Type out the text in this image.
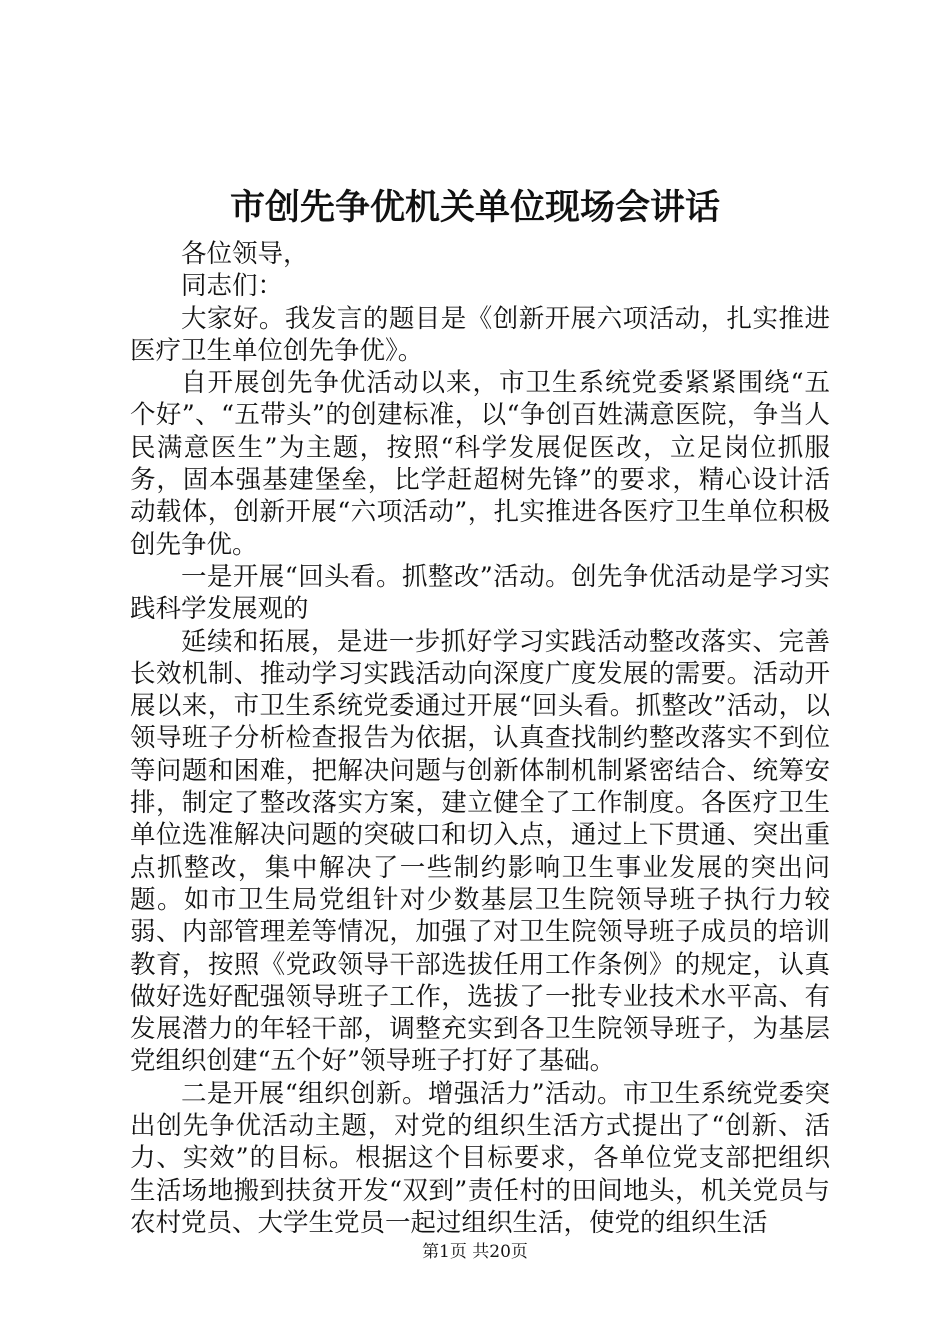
市创先争优机关单位现场会讲话

各位领导，

同志们：

大家好。我发言的题目是《创新开展六项活动，扎实推进医疗卫生单位创先争优》。

自开展创先争优活动以来，市卫生系统党委紧紧围绕“五个好”、“五带头”的创建标准，以“争创百姓满意医院，争当人民满意医生”为主题，按照“科学发展促医改，立足岗位抓服务，固本强基建堡垒，比学赶超树先锋”的要求，精心设计活动载体，创新开展“六项活动”，扎实推进各医疗卫生单位积极创先争优。

一是开展“回头看。抓整改”活动。创先争优活动是学习实践科学发展观的

延续和拓展，是进一步抓好学习实践活动整改落实、完善长效机制、推动学习实践活动向深度广度发展的需要。活动开展以来，市卫生系统党委通过开展“回头看。抓整改”活动，以领导班子分析检查报告为依据，认真查找制约整改落实不到位等问题和困难，把解决问题与创新体制机制紧密结合、统筹安排，制定了整改落实方案，建立健全了工作制度。各医疗卫生单位选准解决问题的突破口和切入点，通过上下贯通、突出重点抓整改，集中解决了一些制约影响卫生事业发展的突出问题。如市卫生局党组针对少数基层卫生院领导班子执行力较弱、内部管理差等情况，加强了对卫生院领导班子成员的培训教育，按照《党政领导干部选拔任用工作条例》的规定，认真做好选好配强领导班子工作，选拔了一批专业技术水平高、有发展潜力的年轻干部，调整充实到各卫生院领导班子，为基层党组织创建“五个好”领导班子打好了基础。

二是开展“组织创新。增强活力”活动。市卫生系统党委突出创先争优活动主题，对党的组织生活方式提出了“创新、活力、实效”的目标。根据这个目标要求，各单位党支部把组织生活场地搬到扶贫开发“双到”责任村的田间地头，机关党员与农村党员、大学生党员一起过组织生活，使党的组织生活

第1页 共20页
